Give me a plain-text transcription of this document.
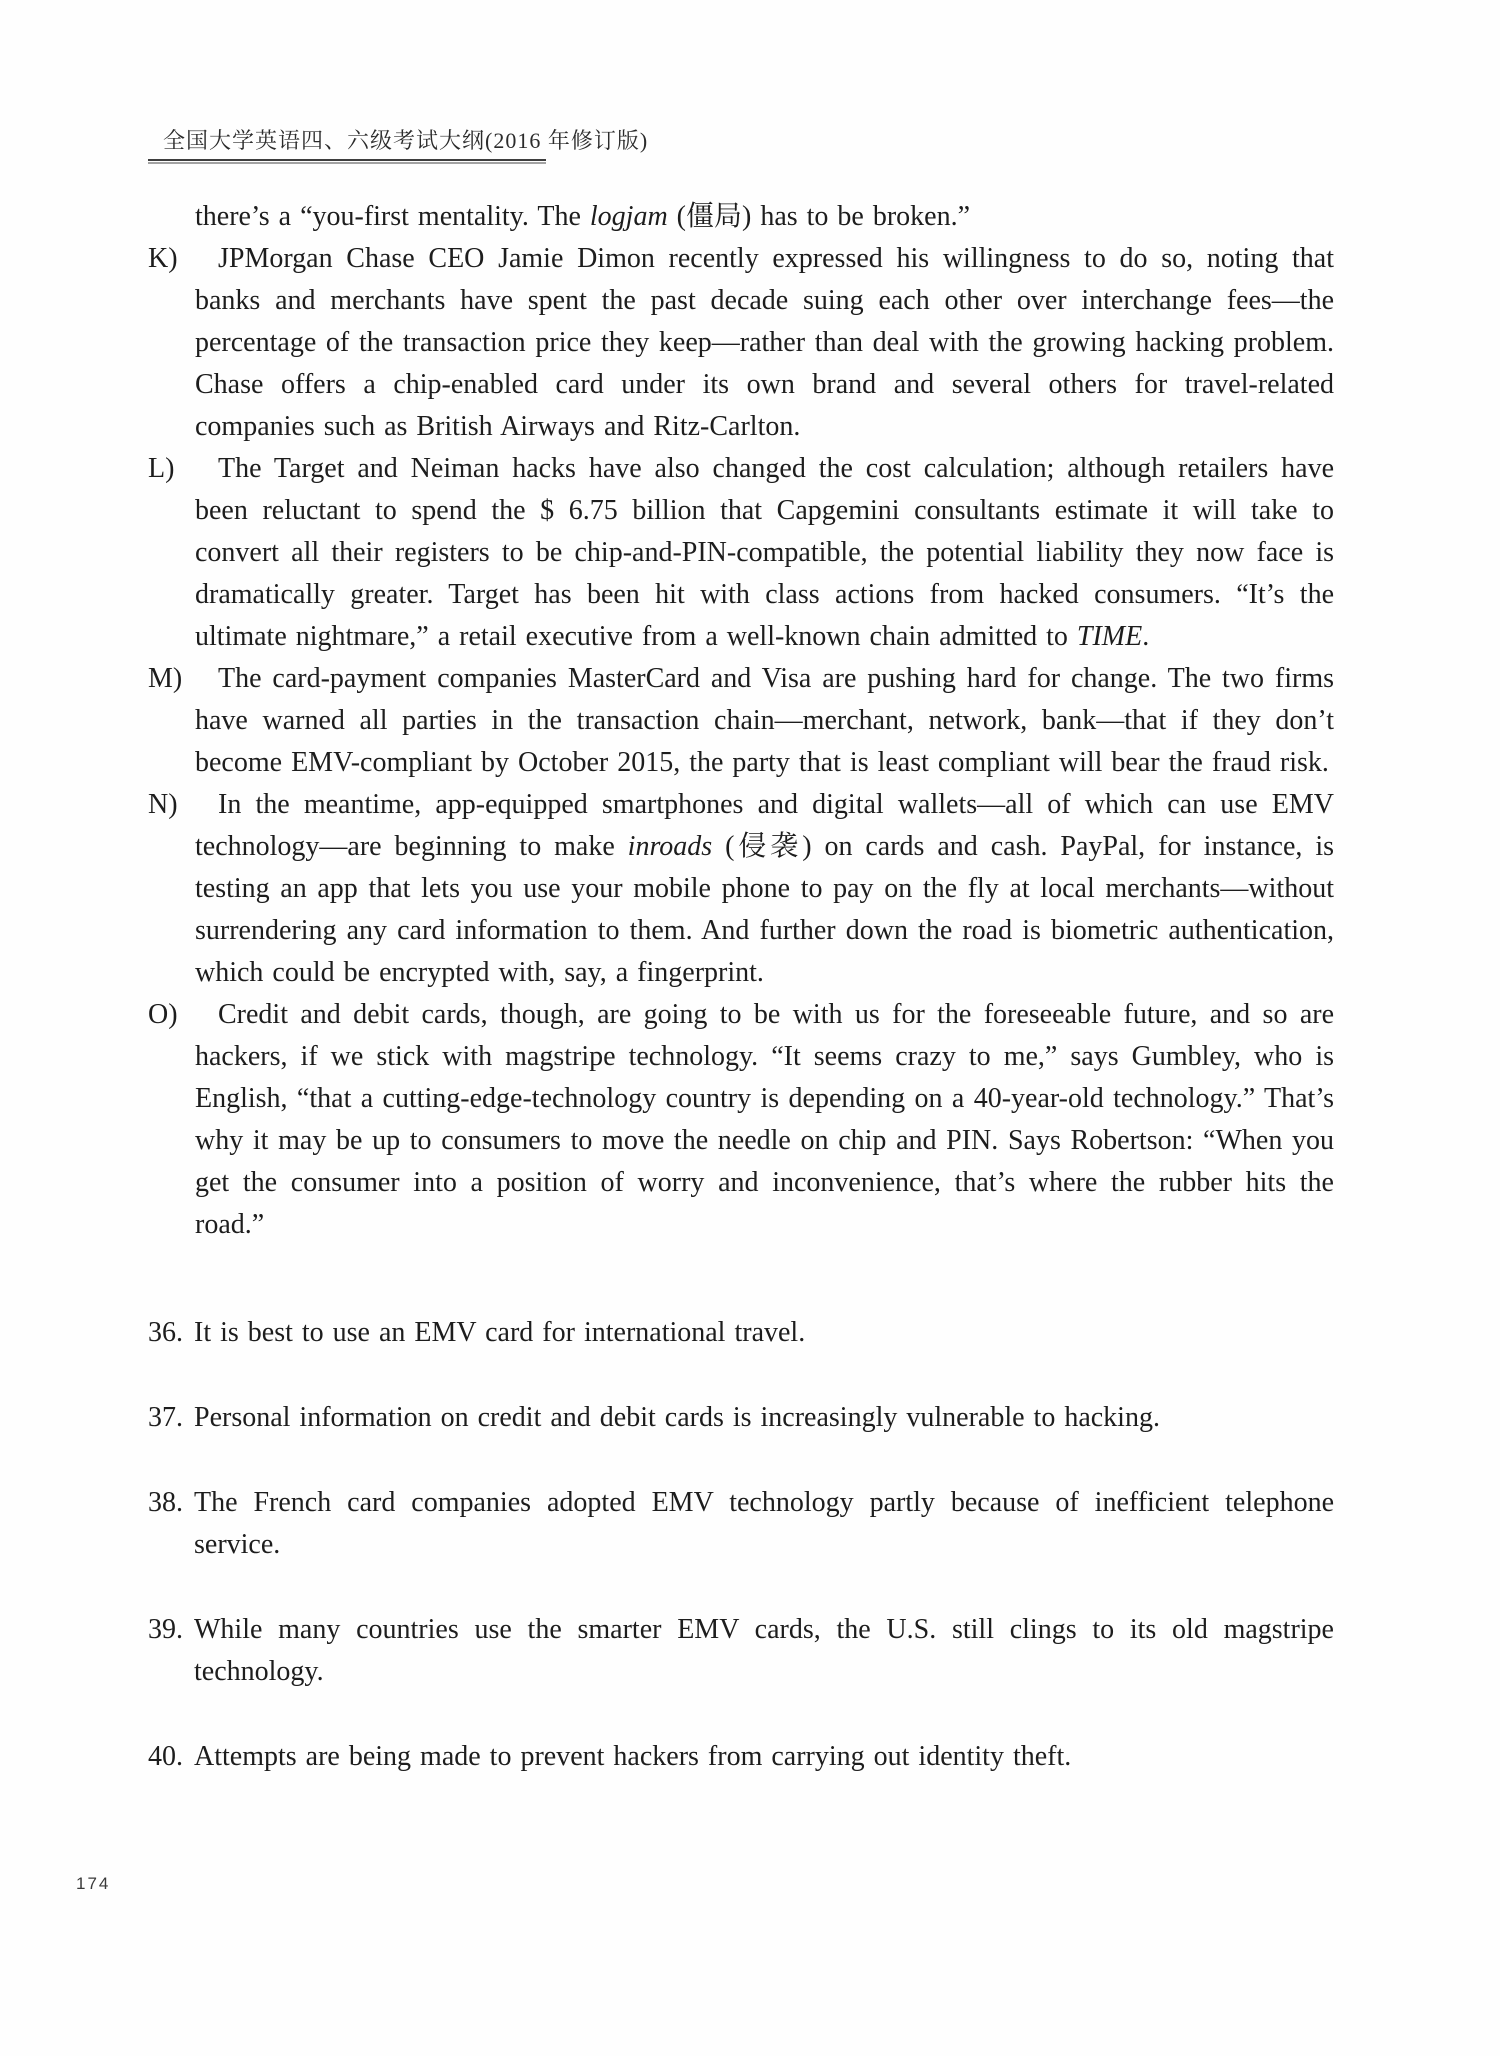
全国大学英语四、六级考试大纲(2016 年修订版)
there’s a “you-first mentality. The logjam (僵局) has to be broken.”
K) JPMorgan Chase CEO Jamie Dimon recently expressed his willingness to do so, noting that banks and merchants have spent the past decade suing each other over interchange fees—the percentage of the transaction price they keep—rather than deal with the growing hacking problem. Chase offers a chip-enabled card under its own brand and several others for travel-related companies such as British Airways and Ritz-Carlton.
L) The Target and Neiman hacks have also changed the cost calculation; although retailers have been reluctant to spend the $ 6.75 billion that Capgemini consultants estimate it will take to convert all their registers to be chip-and-PIN-compatible, the potential liability they now face is dramatically greater. Target has been hit with class actions from hacked consumers. “It’s the ultimate nightmare,” a retail executive from a well-known chain admitted to TIME.
M) The card-payment companies MasterCard and Visa are pushing hard for change. The two firms have warned all parties in the transaction chain—merchant, network, bank—that if they don’t become EMV-compliant by October 2015, the party that is least compliant will bear the fraud risk.
N) In the meantime, app-equipped smartphones and digital wallets—all of which can use EMV technology—are beginning to make inroads (侵袭) on cards and cash. PayPal, for instance, is testing an app that lets you use your mobile phone to pay on the fly at local merchants—without surrendering any card information to them. And further down the road is biometric authentication, which could be encrypted with, say, a fingerprint.
O) Credit and debit cards, though, are going to be with us for the foreseeable future, and so are hackers, if we stick with magstripe technology. “It seems crazy to me,” says Gumbley, who is English, “that a cutting-edge-technology country is depending on a 40-year-old technology.” That’s why it may be up to consumers to move the needle on chip and PIN. Says Robertson: “When you get the consumer into a position of worry and inconvenience, that’s where the rubber hits the road.”
36. It is best to use an EMV card for international travel.
37. Personal information on credit and debit cards is increasingly vulnerable to hacking.
38. The French card companies adopted EMV technology partly because of inefficient telephone service.
39. While many countries use the smarter EMV cards, the U.S. still clings to its old magstripe technology.
40. Attempts are being made to prevent hackers from carrying out identity theft.
174
